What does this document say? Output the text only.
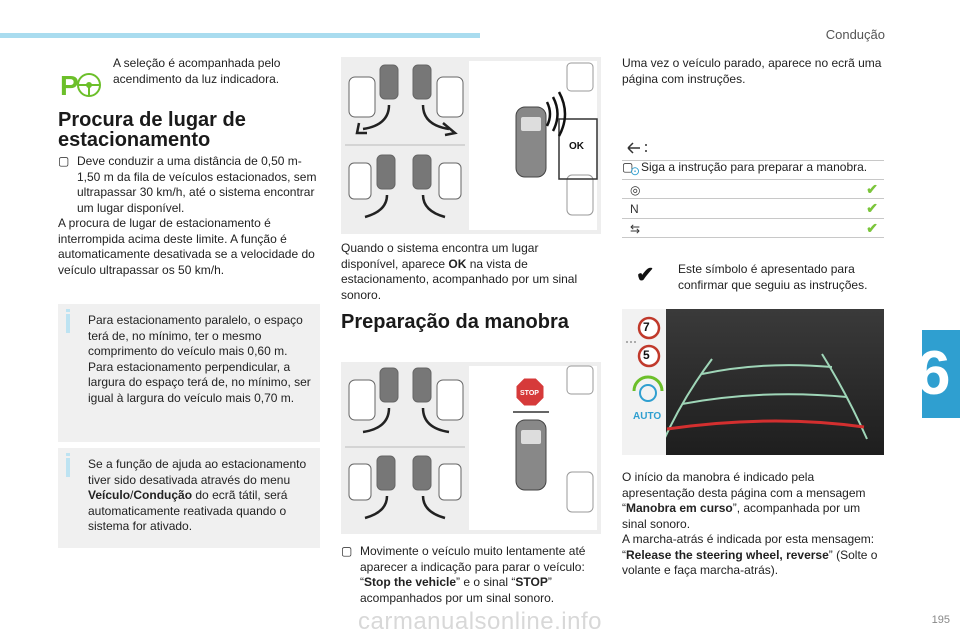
Condução
6
P
A seleção é acompanhada pelo acendimento da luz indicadora.
Procura de lugar de
estacionamento
▢ Deve conduzir a uma distância de 0,50 m-1,50 m da fila de veículos estacionados, sem ultrapassar 30 km/h, até o sistema encontrar um lugar disponível.
A procura de lugar de estacionamento é interrompida acima deste limite. A função é automaticamente desativada se a velocidade do veículo ultrapassar os 50 km/h.
Para estacionamento paralelo, o espaço terá de, no mínimo, ter o mesmo comprimento do veículo mais 0,60 m. Para estacionamento perpendicular, a largura do espaço terá de, no mínimo, ser igual à largura do veículo mais 0,70 m.
Se a função de ajuda ao estacionamento tiver sido desativada através do menu Veículo/Condução do ecrã tátil, será automaticamente reativada quando o sistema for ativado.
OK
Quando o sistema encontra um lugar disponível, aparece OK na vista de estacionamento, acompanhado por um sinal sonoro.
Preparação da manobra
STOP
▢ Movimente o veículo muito lentamente até aparecer a indicação para parar o veículo: “Stop the vehicle” e o sinal “STOP” acompanhados por um sinal sonoro.
Uma vez o veículo parado, aparece no ecrã uma página com instruções.
▢ Siga a instrução para preparar a manobra.
⊙
◎	✔
N	✔
⇆	✔
✔ Este símbolo é apresentado para confirmar que seguiu as instruções.
7
5
AUTO
O início da manobra é indicado pela apresentação desta página com a mensagem “Manobra em curso”, acompanhada por um sinal sonoro.
A marcha-atrás é indicada por esta mensagem: “Release the steering wheel, reverse” (Solte o volante e faça marcha-atrás).
195
carmanualsonline.info
